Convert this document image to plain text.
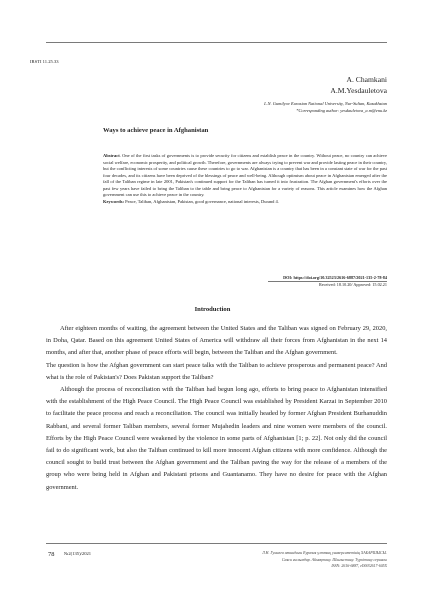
IRSTI 11.25.33
A. Chamkani
A.M.Yesdauletova
L.N. Gumilyov Eurasian National University, Nur-Sultan, Kazakhstan
*Corresponding author: yesdauletova_a.m@enu.kz
Ways to achieve peace in Afghanistan
Abstract. One of the first tasks of governments is to provide security for citizens and establish peace in the country. Without peace, no country can achieve social welfare, economic prosperity, and political growth. Therefore, governments are always trying to prevent war and provide lasting peace in their country, but the conflicting interests of some countries cause these countries to go to war. Afghanistan is a country that has been in a constant state of war for the past four decades, and its citizens have been deprived of the blessings of peace and well-being. Although optimism about peace in Afghanistan emerged after the fall of the Taliban regime in late 2001, Pakistan's continued support for the Taliban has turned it into frustration. The Afghan government's efforts over the past few years have failed to bring the Taliban to the table and bring peace to Afghanistan for a variety of reasons. This article examines how the Afghan government can use this to achieve peace in the country.
Keywords: Peace, Taliban, Afghanistan, Pakistan, good governance, national interests, Durand 4.
DOI: https://doi.org/10.32523/2616-6887/2021-135-2-78-84
Received: 18.10.20/ Approved: 15.02.21
Introduction

After eighteen months of waiting, the agreement between the United States and the Taliban was signed on February 29, 2020, in Doha, Qatar. Based on this agreement United States of America will withdraw all their forces from Afghanistan in the next 14 months, and after that, another phase of peace efforts will begin, between the Taliban and the Afghan government.

The question is how the Afghan government can start peace talks with the Taliban to achieve prosperous and permanent peace? And what is the role of Pakistan's? Does Pakistan support the Taliban?

Although the process of reconciliation with the Taliban had begun long ago, efforts to bring peace to Afghanistan intensified with the establishment of the High Peace Council. The High Peace Council was established by President Karzai in September 2010 to facilitate the peace process and reach a reconciliation. The council was initially headed by former Afghan President Burhanuddin Rabbani, and several former Taliban members, several former Mujahedin leaders and nine women were members of the council. Efforts by the High Peace Council were weakened by the violence in some parts of Afghanistan [1; p. 22]. Not only did the council fail to do significant work, but also the Taliban continued to kill more innocent Afghan citizens with more confidence. Although the council sought to build trust between the Afghan government and the Taliban paving the way for the release of a members of the group who were being held in Afghan and Pakistani prisons and Guantanamo. They have no desire for peace with the Afghan government.

78 №2(135)/2021	Л.Н. Гумилев атындағы Еуразия ұлттық университетінің ХАБАРШЫСЫ.
Саяси ғылымдар. Аймақтану. Шығыстану. Түркітану сериясы
ISSN: 2616-6887, eISSN2617-605X
